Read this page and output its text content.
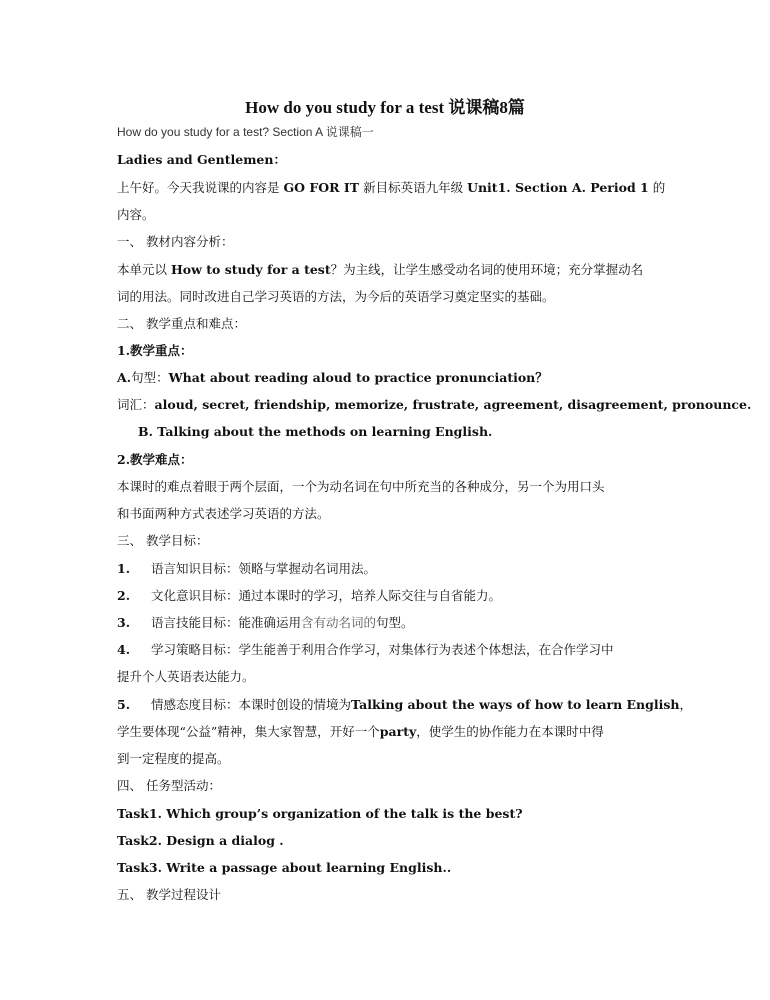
How do you study for a test 说课稿8篇
How do you study for a test? Section A 说课稿一
Ladies and Gentlemen：
上午好。今天我说课的内容是 GO FOR IT 新目标英语九年级 Unit1. Section A. Period 1 的
内容。
一、 教材内容分析：
本单元以 How to study for a test？为主线，让学生感受动名词的使用环境；充分掌握动名
词的用法。同时改进自己学习英语的方法，为今后的英语学习奠定坚实的基础。
二、 教学重点和难点：
1.教学重点：
A.句型：What about reading aloud to practice pronunciation？
词汇：aloud, secret, friendship, memorize, frustrate, agreement, disagreement, pronounce.
B. Talking about the methods on learning English.
2.教学难点：
本课时的难点着眼于两个层面，一个为动名词在句中所充当的各种成分，另一个为用口头
和书面两种方式表述学习英语的方法。
三、 教学目标：
1. 语言知识目标：领略与掌握动名词用法。
2. 文化意识目标：通过本课时的学习，培养人际交往与自省能力。
3. 语言技能目标：能准确运用含有动名词的句型。
4. 学习策略目标：学生能善于利用合作学习，对集体行为表述个体想法，在合作学习中
提升个人英语表达能力。
5. 情感态度目标：本课时创设的情境为Talking about the ways of how to learn English，
学生要体现“公益”精神，集大家智慧，开好一个party，使学生的协作能力在本课时中得
到一定程度的提高。
四、 任务型活动：
Task1. Which group’s organization of the talk is the best?
Task2. Design a dialog .
Task3. Write a passage about learning English..
五、 教学过程设计
